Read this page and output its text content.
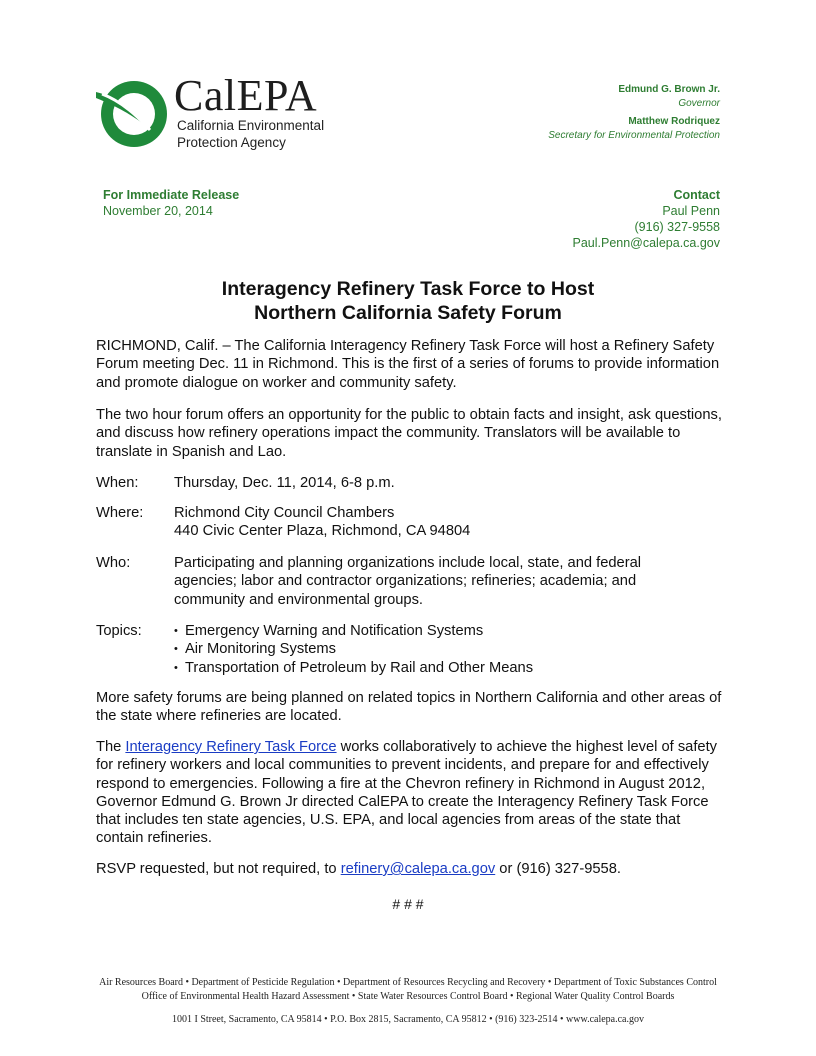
CalEPA
California Environmental
Protection Agency
Edmund G. Brown Jr.
Governor
Matthew Rodriquez
Secretary for Environmental Protection
For Immediate Release
November 20, 2014
Contact
Paul Penn
(916) 327-9558
Paul.Penn@calepa.ca.gov
Interagency Refinery Task Force to Host
Northern California Safety Forum
RICHMOND, Calif. – The California Interagency Refinery Task Force will host a Refinery Safety Forum meeting Dec. 11 in Richmond. This is the first of a series of forums to provide information and promote dialogue on worker and community safety.
The two hour forum offers an opportunity for the public to obtain facts and insight, ask questions, and discuss how refinery operations impact the community. Translators will be available to translate in Spanish and Lao.
When: Thursday, Dec. 11, 2014, 6-8 p.m.
Where: Richmond City Council Chambers
440 Civic Center Plaza, Richmond, CA 94804
Who:	Participating and planning organizations include local, state, and federal agencies; labor and contractor organizations; refineries; academia; and community and environmental groups.
Topics:
•	Emergency Warning and Notification Systems
• Air Monitoring Systems
• Transportation of Petroleum by Rail and Other Means
More safety forums are being planned on related topics in Northern California and other areas of the state where refineries are located.
The Interagency Refinery Task Force works collaboratively to achieve the highest level of safety for refinery workers and local communities to prevent incidents, and prepare for and effectively respond to emergencies. Following a fire at the Chevron refinery in Richmond in August 2012, Governor Edmund G. Brown Jr directed CalEPA to create the Interagency Refinery Task Force that includes ten state agencies, U.S. EPA, and local agencies from areas of the state that contain refineries.
RSVP requested, but not required, to refinery@calepa.ca.gov or (916) 327-9558.
# # #
Air Resources Board • Department of Pesticide Regulation • Department of Resources Recycling and Recovery • Department of Toxic Substances Control
Office of Environmental Health Hazard Assessment • State Water Resources Control Board • Regional Water Quality Control Boards
1001 I Street, Sacramento, CA 95814 • P.O. Box 2815, Sacramento, CA 95812 • (916) 323-2514 • www.calepa.ca.gov
